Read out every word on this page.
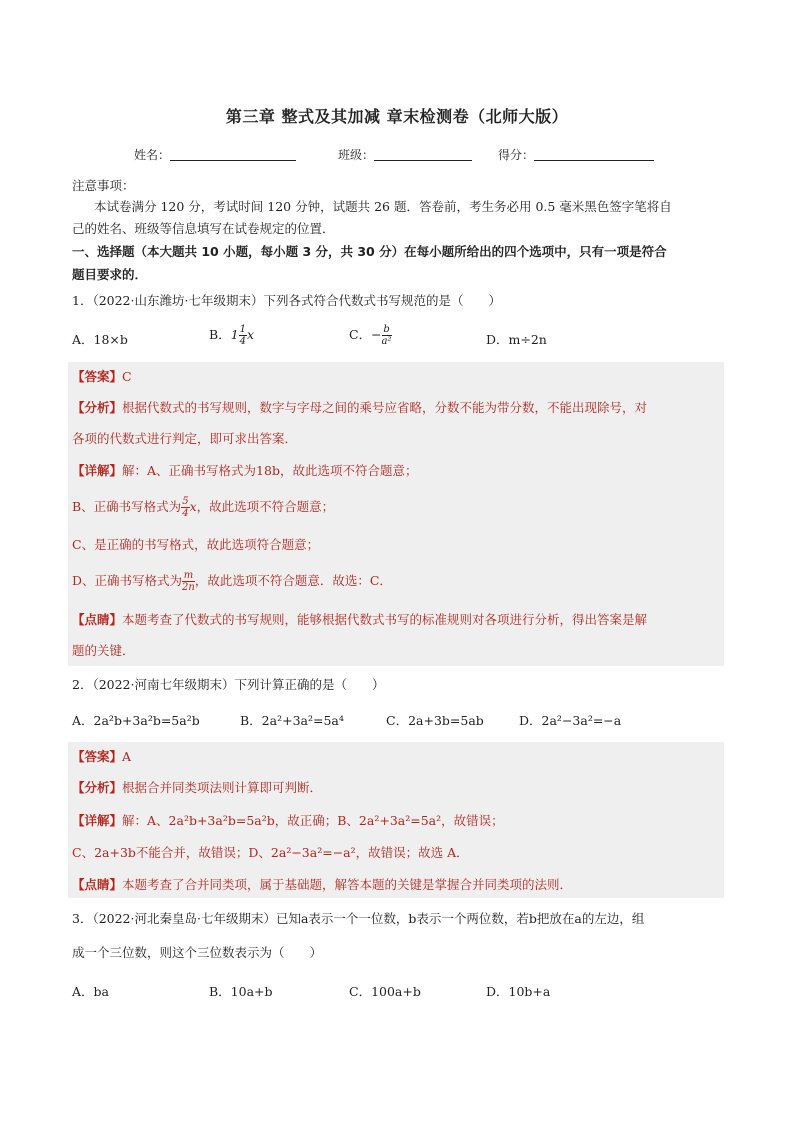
第三章 整式及其加减 章末检测卷（北师大版）
姓名：	班级：	得分：
注意事项：
本试卷满分 120 分，考试时间 120 分钟，试题共 26 题．答卷前，考生务必用 0.5 毫米黑色签字笔将自
己的姓名、班级等信息填写在试卷规定的位置．
一、选择题（本大题共 10 小题，每小题 3 分，共 30 分）在每小题所给出的四个选项中，只有一项是符合
题目要求的．
1．（2022·山东潍坊·七年级期末）下列各式符合代数式书写规范的是（　　）
A．18×b	B．$1 \frac{1}{4}$ x	C．− $\frac{b}{\text{a²}}$	D．m÷2n
【答案】C
【分析】根据代数式的书写规则，数字与字母之间的乘号应省略，分数不能为带分数，不能出现除号，对
各项的代数式进行判定，即可求出答案．
【详解】解：A、正确书写格式为18b，故此选项不符合题意；
B、正确书写格式为 $\frac{5}{4}$ x，故此选项不符合题意；
C、是正确的书写格式，故此选项符合题意；
D、正确书写格式为 $\frac{m}{2n}$ ，故此选项不符合题意．故选：C．
【点睛】本题考查了代数式的书写规则，能够根据代数式书写的标准规则对各项进行分析，得出答案是解
题的关键．
2．（2022·河南七年级期末）下列计算正确的是（　　）
A．2a²b+3a²b=5a²b	B．2a²+3a²=5a⁴	C．2a+3b=5ab	D．2a²−3a²=−a
【答案】A
【分析】根据合并同类项法则计算即可判断．
【详解】解：A、2a²b+3a²b=5a²b，故正确；B、2a²+3a²=5a²，故错误；
C、2a+3b不能合并，故错误；D、2a²−3a²=−a²，故错误；故选 A．
【点睛】本题考查了合并同类项，属于基础题，解答本题的关键是掌握合并同类项的法则．
3．（2022·河北秦皇岛·七年级期末）已知a表示一个一位数，b表示一个两位数，若b把放在a的左边，组
成一个三位数，则这个三位数表示为（　　）
A．ba	B．10a+b	C．100a+b	D．10b+a
